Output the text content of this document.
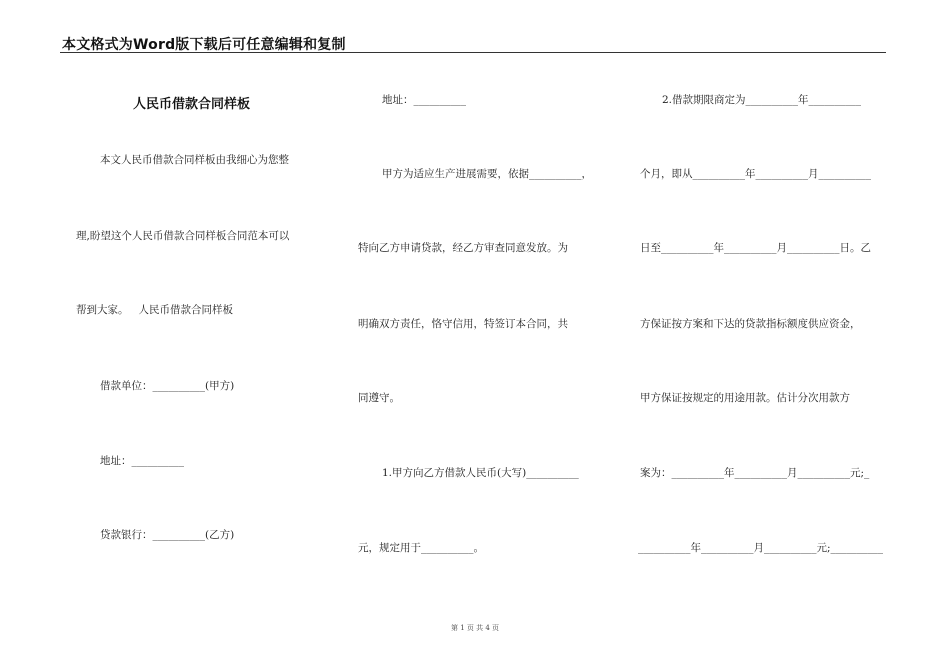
本文格式为Word版下载后可任意编辑和复制
人民币借款合同样板
本文人民币借款合同样板由我细心为您整
理,盼望这个人民币借款合同样板合同范本可以
帮到大家。   人民币借款合同样板
借款单位：__________(甲方)
地址：__________
贷款银行：__________(乙方)
地址：__________
甲方为适应生产进展需要，依据__________，
特向乙方申请贷款，经乙方审查同意发放。为
明确双方责任，恪守信用，特签订本合同，共
同遵守。
1.甲方向乙方借款人民币(大写)__________
元，规定用于__________。
2.借款期限商定为__________年__________
个月，即从__________年__________月__________
日至__________年__________月__________日。乙
方保证按方案和下达的贷款指标额度供应资金，
甲方保证按规定的用途用款。估计分次用款方
案为：__________年__________月__________元;_
__________年__________月__________元;__________
第 1 页 共 4 页
